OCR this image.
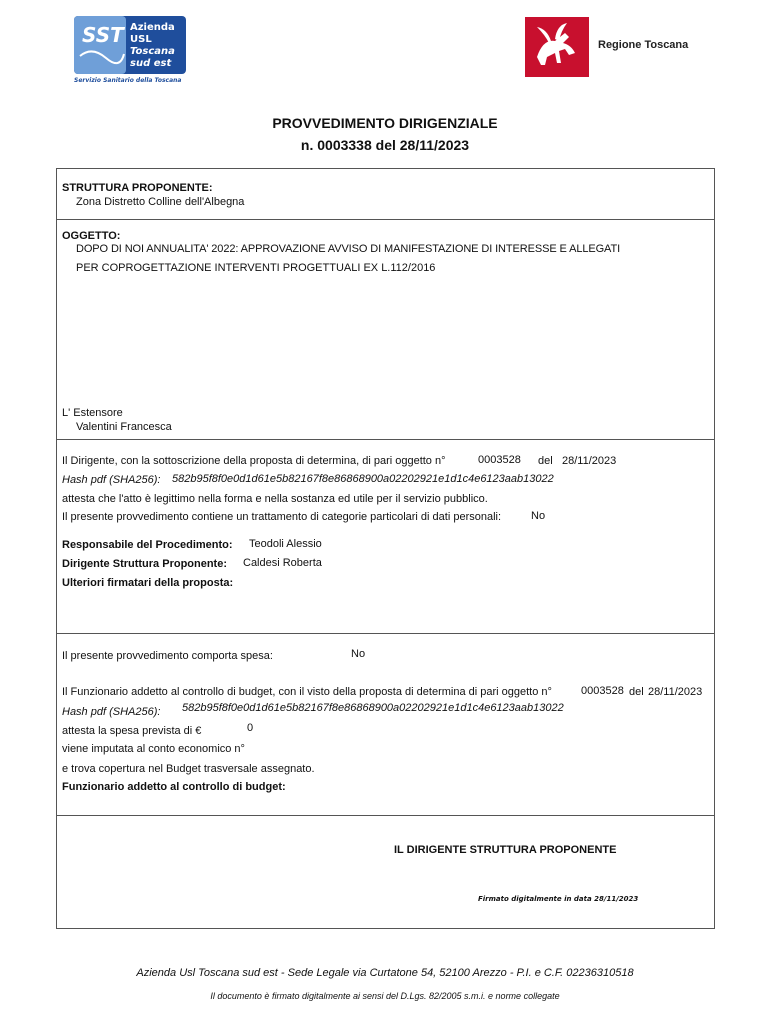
SST Azienda
USL
Toscana
sud est
Servizio Sanitario della Toscana
Regione Toscana
PROVVEDIMENTO DIRIGENZIALE
n. 0003338 del 28/11/2023
STRUTTURA PROPONENTE:
Zona Distretto Colline dell'Albegna
OGGETTO:
DOPO DI NOI ANNUALITA' 2022: APPROVAZIONE AVVISO DI MANIFESTAZIONE DI INTERESSE E ALLEGATI
PER COPROGETTAZIONE INTERVENTI PROGETTUALI EX L.112/2016
L' Estensore
Valentini Francesca
Il Dirigente, con la sottoscrizione della proposta di determina, di pari oggetto n°	0003528 del 28/11/2023
Hash pdf (SHA256): 582b95f8f0e0d1d61e5b82167f8e86868900a02202921e1d1c4e6123aab13022
attesta che l'atto è legittimo nella forma e nella sostanza ed utile per il servizio pubblico.
Il presente provvedimento contiene un trattamento di categorie particolari di dati personali:	No
Responsabile del Procedimento: Teodoli Alessio
Dirigente Struttura Proponente: Caldesi Roberta
Ulteriori firmatari della proposta:
Il presente provvedimento comporta spesa:	No
Il Funzionario addetto al controllo di budget, con il visto della proposta di determina di pari oggetto n°	0003528 del 28/11/2023
Hash pdf (SHA256): 582b95f8f0e0d1d61e5b82167f8e86868900a02202921e1d1c4e6123aab13022
attesta la spesa prevista di €	0
viene imputata al conto economico n°
e trova copertura nel Budget trasversale assegnato.
Funzionario addetto al controllo di budget:
IL DIRIGENTE STRUTTURA PROPONENTE
Firmato digitalmente in data 28/11/2023
Azienda Usl Toscana sud est - Sede Legale via Curtatone 54, 52100 Arezzo - P.I. e C.F. 02236310518
Il documento è firmato digitalmente ai sensi del D.Lgs. 82/2005 s.m.i. e norme collegate
